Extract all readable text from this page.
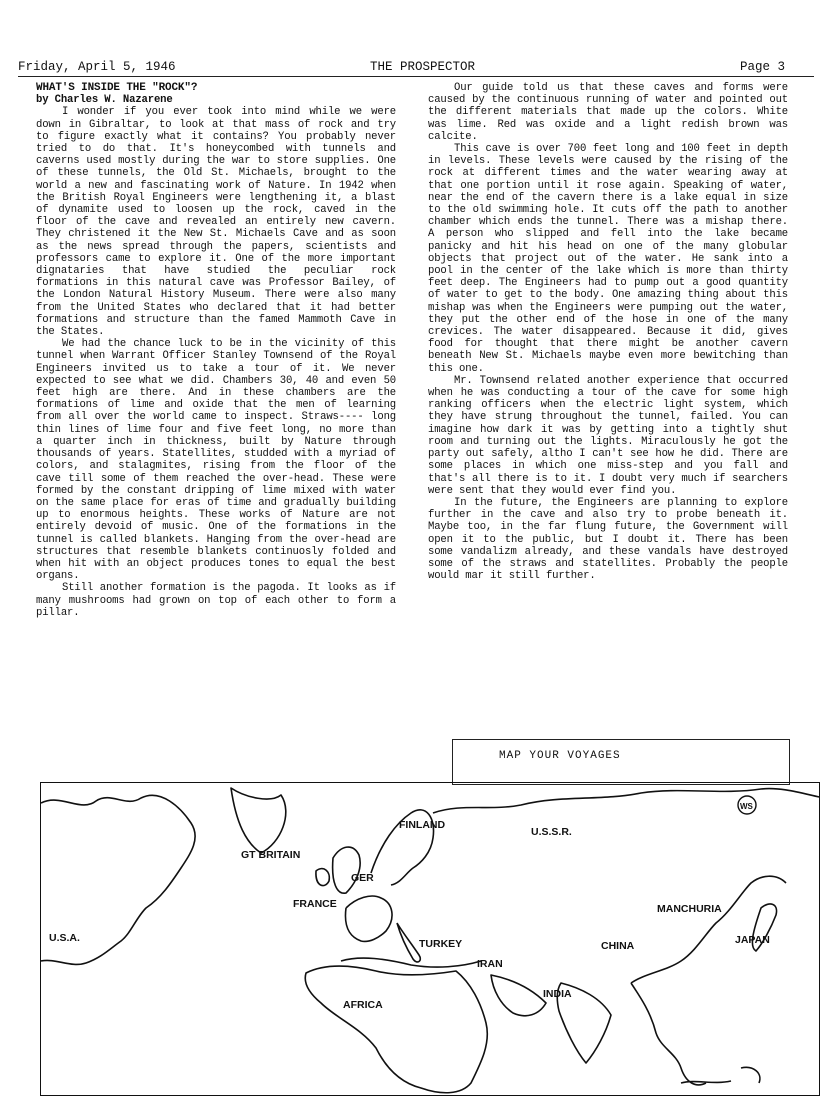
Friday, April 5, 1946	THE PROSPECTOR	Page 3

WHAT'S INSIDE THE "ROCK"?

by Charles W. Nazarene

I wonder if you ever took into mind while we were down in Gibraltar, to look at that mass of rock and try to figure exactly what it contains? You probably never tried to do that. It's honeycombed with tunnels and caverns used mostly during the war to store supplies. One of these tunnels, the Old St. Michaels, brought to the world a new and fascinating work of Nature. In 1942 when the British Royal Engineers were lengthening it, a blast of dynamite used to loosen up the rock, caved in the floor of the cave and revealed an entirely new cavern. They christened it the New St. Michaels Cave and as soon as the news spread through the papers, scientists and professors came to explore it. One of the more important dignataries that have studied the peculiar rock formations in this natural cave was Professor Bailey, of the London Natural History Museum. There were also many from the United States who declared that it had better formations and structure than the famed Mammoth Cave in the States.

We had the chance luck to be in the vicinity of this tunnel when Warrant Officer Stanley Townsend of the Royal Engineers invited us to take a tour of it. We never expected to see what we did. Chambers 30, 40 and even 50 feet high are there. And in these chambers are the formations of lime and oxide that the men of learning from all over the world came to inspect. Straws---- long thin lines of lime four and five feet long, no more than a quarter inch in thickness, built by Nature through thousands of years. Statellites, studded with a myriad of colors, and stalagmites, rising from the floor of the cave till some of them reached the over-head. These were formed by the constant dripping of lime mixed with water on the same place for eras of time and gradually building up to enormous heights. These works of Nature are not entirely devoid of music. One of the formations in the tunnel is called blankets. Hanging from the over-head are structures that resemble blankets continuosly folded and when hit with an object produces tones to equal the best organs.

Still another formation is the pagoda. It looks as if many mushrooms had grown on top of each other to form a pillar.

Our guide told us that these caves and forms were caused by the continuous running of water and pointed out the different materials that made up the colors. White was lime. Red was oxide and a light redish brown was calcite.

This cave is over 700 feet long and 100 feet in depth in levels. These levels were caused by the rising of the rock at different times and the water wearing away at that one portion until it rose again. Speaking of water, near the end of the cavern there is a lake equal in size to the old swimming hole. It cuts off the path to another chamber which ends the tunnel. There was a mishap there. A person who slipped and fell into the lake became panicky and hit his head on one of the many globular objects that project out of the water. He sank into a pool in the center of the lake which is more than thirty feet deep. The Engineers had to pump out a good quantity of water to get to the body. One amazing thing about this mishap was when the Engineers were pumping out the water, they put the other end of the hose in one of the many crevices. The water disappeared. Because it did, gives food for thought that there might be another cavern beneath New St. Michaels maybe even more bewitching than this one.

Mr. Townsend related another experience that occurred when he was conducting a tour of the cave for some high ranking officers when the electric light system, which they have strung throughout the tunnel, failed. You can imagine how dark it was by getting into a tightly shut room and turning out the lights. Miraculously he got the party out safely, altho I can't see how he did. There are some places in which one miss-step and you fall and that's all there is to it. I doubt very much if searchers were sent that they would ever find you.

In the future, the Engineers are planning to explore further in the cave and also try to probe beneath it. Maybe too, in the far flung future, the Government will open it to the public, but I doubt it. There has been some vandalizm already, and these vandals have destroyed some of the straws and statellites. Probably the people would mar it still further.

MAP YOUR VOYAGES
FINLAND
U.S.S.R.
GT BRITAIN
GER
FRANCE
U.S.A.	TURKEY
IRAN
CHINA
MANCHURIA
JAPAN
AFRICA
INDIA
WS
